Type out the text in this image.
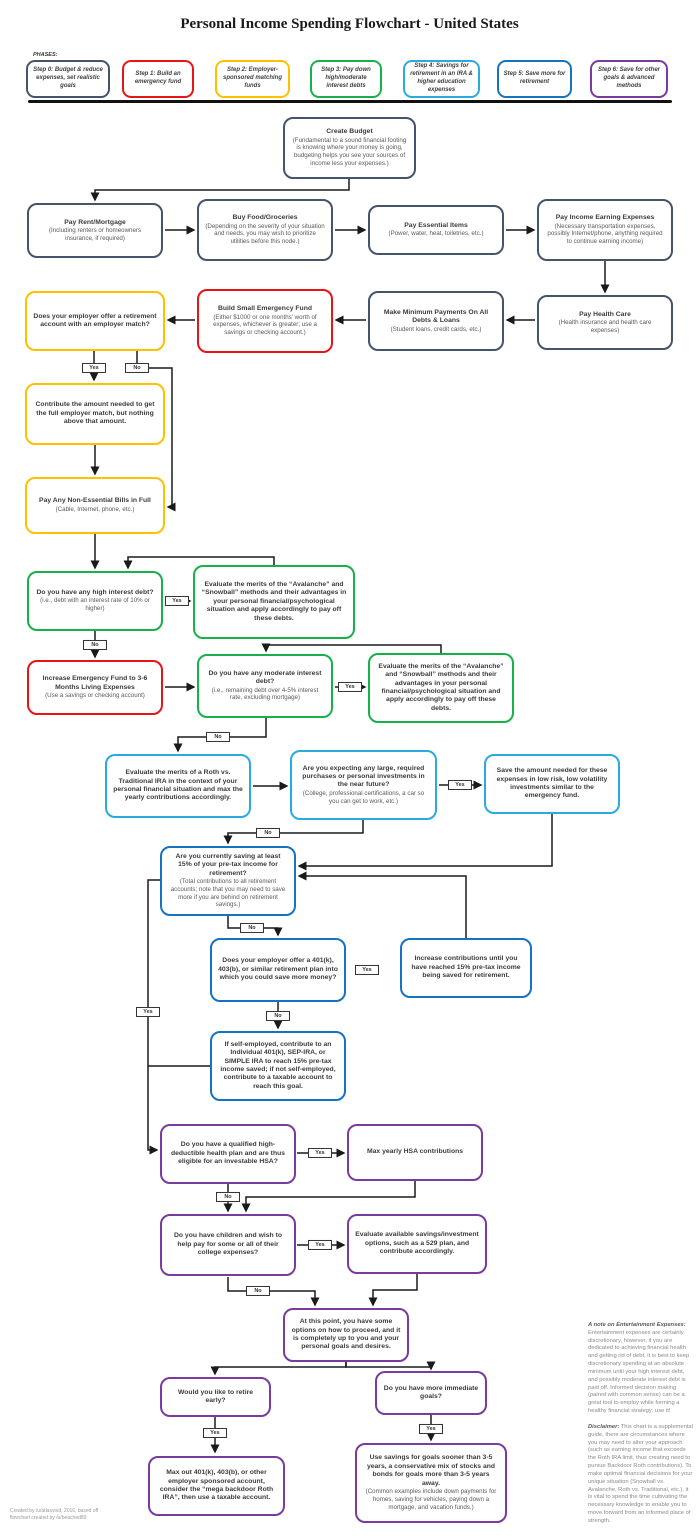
Personal Income Spending Flowchart - United States
PHASES:
Step 0: Budget & reduce expenses, set realistic goals
Step 1: Build an emergency fund
Step 2: Employer-sponsored matching funds
Step 3: Pay down high/moderate interest debts
Step 4: Savings for retirement in an IRA & higher education expenses
Step 5: Save more for retirement
Step 6: Save for other goals & advanced methods
Create Budget
(Fundamental to a sound financial footing is knowing where your money is going, budgeting helps you see your sources of income less your expenses.)
Pay Rent/Mortgage
(Including renters or homeowners insurance, if required)
Buy Food/Groceries
(Depending on the severity of your situation and needs, you may wish to prioritize utilities before this node.)
Pay Essential Items
(Power, water, heat, toiletries, etc.)
Pay Income Earning Expenses
(Necessary transportation expenses, possibly Internet/phone, anything required to continue earning income)
Pay Health Care
(Health insurance and health care expenses)
Make Minimum Payments On All Debts & Loans
(Student loans, credit cards, etc.)
Build Small Emergency Fund
(Either $1000 or one months’ worth of expenses, whichever is greater; use a savings or checking account.)
Does your employer offer a retirement account with an employer match?
Contribute the amount needed to get the full employer match, but nothing above that amount.
Pay Any Non-Essential Bills in Full
(Cable, Internet, phone, etc.)
Do you have any high interest debt?
(i.e., debt with an interest rate of 10% or higher)
Evaluate the merits of the “Avalanche” and “Snowball” methods and their advantages in your personal financial/psychological situation and apply accordingly to pay off these debts.
Increase Emergency Fund to 3-6 Months Living Expenses
(Use a savings or checking account)
Do you have any moderate interest debt?
(i.e., remaining debt over 4-5% interest rate, excluding mortgage)
Evaluate the merits of the “Avalanche” and “Snowball” methods and their advantages in your personal financial/psychological situation and apply accordingly to pay off these debts.
Evaluate the merits of a Roth vs. Traditional IRA in the context of your personal financial situation and max the yearly contributions accordingly.
Are you expecting any large, required purchases or personal investments in the near future?
(College, professional certifications, a car so you can get to work, etc.)
Save the amount needed for these expenses in low risk, low volatility investments similar to the emergency fund.
Are you currently saving at least 15% of your pre-tax income for retirement?
(Total contributions to all retirement accounts; note that you may need to save more if you are behind on retirement savings.)
Does your employer offer a 401(k), 403(b), or similar retirement plan into which you could save more money?
Increase contributions until you have reached 15% pre-tax income being saved for retirement.
If self-employed, contribute to an Individual 401(k), SEP-IRA, or SIMPLE IRA to reach 15% pre-tax income saved; if not self-employed, contribute to a taxable account to reach this goal.
Do you have a qualified high-deductible health plan and are thus eligible for an investable HSA?
Max yearly HSA contributions
Do you have children and wish to help pay for some or all of their college expenses?
Evaluate available savings/investment options, such as a 529 plan, and contribute accordingly.
At this point, you have some options on how to proceed, and it is completely up to you and your personal goals and desires.
Would you like to retire early?
Do you have more immediate goals?
Max out 401(k), 403(b), or other employer sponsored account, consider the “mega backdoor Roth IRA”, then use a taxable account.
Use savings for goals sooner than 3-5 years, a conservative mix of stocks and bonds for goals more than 3-5 years away.
(Common examples include down payments for homes, saving for vehicles, paying down a mortgage, and vacation funds.)
Yes	No
Yes
No
Yes
No
Yes
No
No
Yes
No
Yes
Yes
No
Yes
No
Yes
Yes
A note on Entertainment Expenses: Entertainment expenses are certainly discretionary, however, if you are dedicated to achieving financial health and getting rid of debt, it is best to keep discretionary spending at an absolute minimum until your high interest debt, and possibly moderate interest debt is paid off. Informed decision making (paired with common sense) can be a great tool to employ while forming a healthy financial strategy; use it!
Disclaimer: This chart is a supplemental guide, there are circumstances where you may need to alter your approach (such as earning income that exceeds the Roth IRA limit, thus creating need to pursue Backdoor Roth contributions). To make optimal financial decisions for your unique situation (Snowball vs. Avalanche, Roth vs. Traditional, etc.), it is vital to spend the time cultivating the necessary knowledge to enable you to move forward from an informed place of strength.
Created by /u/atlasvoid, 2016, based off
flowchart created by /u/beached89
